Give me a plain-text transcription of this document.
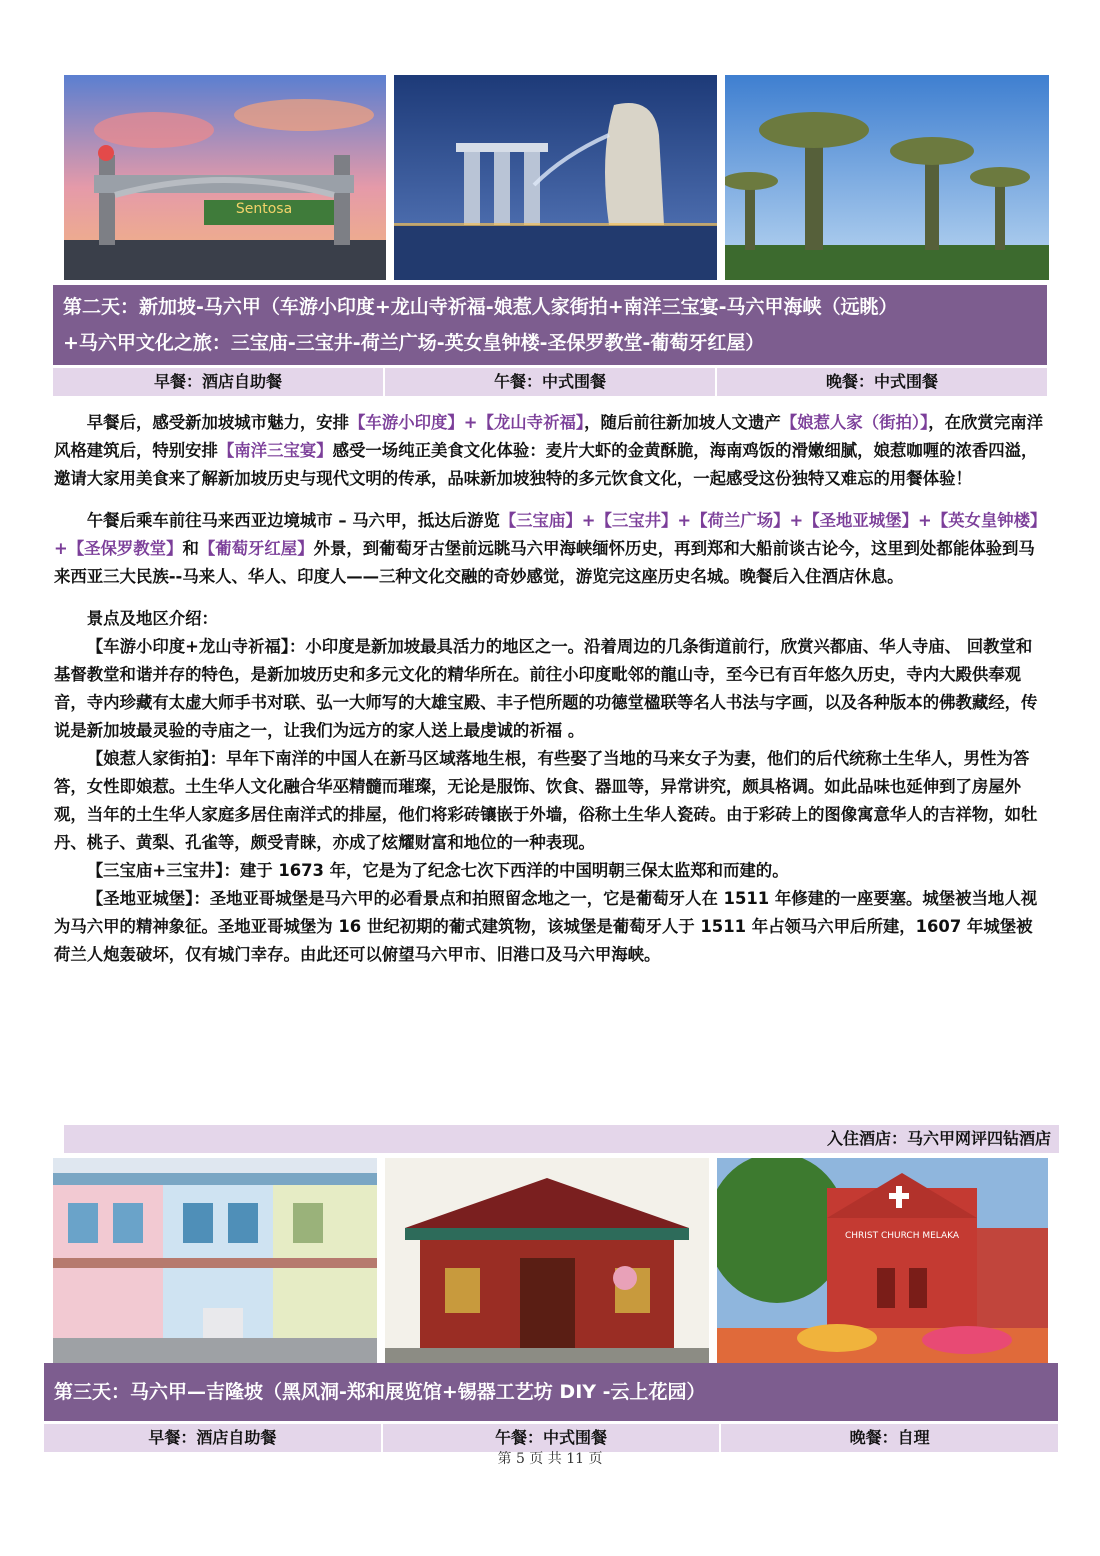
Sentosa
第二天：新加坡-马六甲（车游小印度+龙山寺祈福-娘惹人家街拍+南洋三宝宴-马六甲海峡（远眺）
+马六甲文化之旅：三宝庙-三宝井-荷兰广场-英女皇钟楼-圣保罗教堂-葡萄牙红屋）
早餐：酒店自助餐	午餐：中式围餐	晚餐：中式围餐

早餐后，感受新加坡城市魅力，安排【车游小印度】+【龙山寺祈福】，随后前往新加坡人文遗产【娘惹人家（街拍）】，在欣赏完南洋风格建筑后，特别安排【南洋三宝宴】感受一场纯正美食文化体验：麦片大虾的金黄酥脆，海南鸡饭的滑嫩细腻，娘惹咖喱的浓香四溢，邀请大家用美食来了解新加坡历史与现代文明的传承，品味新加坡独特的多元饮食文化，一起感受这份独特又难忘的用餐体验！

午餐后乘车前往马来西亚边境城市 – 马六甲，抵达后游览【三宝庙】+【三宝井】+【荷兰广场】+【圣地亚城堡】+【英女皇钟楼】+【圣保罗教堂】和【葡萄牙红屋】外景，到葡萄牙古堡前远眺马六甲海峡缅怀历史，再到郑和大船前谈古论今，这里到处都能体验到马来西亚三大民族--马来人、华人、印度人——三种文化交融的奇妙感觉，游览完这座历史名城。晚餐后入住酒店休息。

景点及地区介绍：

【车游小印度+龙山寺祈福】：小印度是新加坡最具活力的地区之一。沿着周边的几条街道前行，欣赏兴都庙、华人寺庙、 回教堂和基督教堂和谐并存的特色，是新加坡历史和多元文化的精华所在。前往小印度毗邻的龍山寺，至今已有百年悠久历史，寺内大殿供奉观音，寺内珍藏有太虚大师手书对联、弘一大师写的大雄宝殿、丰子恺所题的功德堂楹联等名人书法与字画，以及各种版本的佛教藏经，传说是新加坡最灵验的寺庙之一，让我们为远方的家人送上最虔诚的祈福 。

【娘惹人家街拍】：早年下南洋的中国人在新马区域落地生根，有些娶了当地的马来女子为妻，他们的后代统称土生华人，男性为答答，女性即娘惹。土生华人文化融合华巫精髓而璀璨，无论是服饰、饮食、器皿等，异常讲究，颇具格调。如此品味也延伸到了房屋外观，当年的土生华人家庭多居住南洋式的排屋，他们将彩砖镶嵌于外墙，俗称土生华人瓷砖。由于彩砖上的图像寓意华人的吉祥物，如牡丹、桃子、黄梨、孔雀等，颇受青睐，亦成了炫耀财富和地位的一种表现。

【三宝庙+三宝井】：建于 1673 年，它是为了纪念七次下西洋的中国明朝三保太监郑和而建的。

【圣地亚城堡】：圣地亚哥城堡是马六甲的必看景点和拍照留念地之一，它是葡萄牙人在 1511 年修建的一座要塞。城堡被当地人视为马六甲的精神象征。圣地亚哥城堡为 16 世纪初期的葡式建筑物，该城堡是葡萄牙人于 1511 年占领马六甲后所建，1607 年城堡被荷兰人炮轰破坏，仅有城门幸存。由此还可以俯望马六甲市、旧港口及马六甲海峡。

入住酒店：马六甲网评四钻酒店
CHRIST CHURCH MELAKA
第三天：马六甲—吉隆坡（黑风洞-郑和展览馆+锡器工艺坊 DIY -云上花园）
早餐：酒店自助餐	午餐：中式围餐	晚餐：自理
第 5 页 共 11 页
